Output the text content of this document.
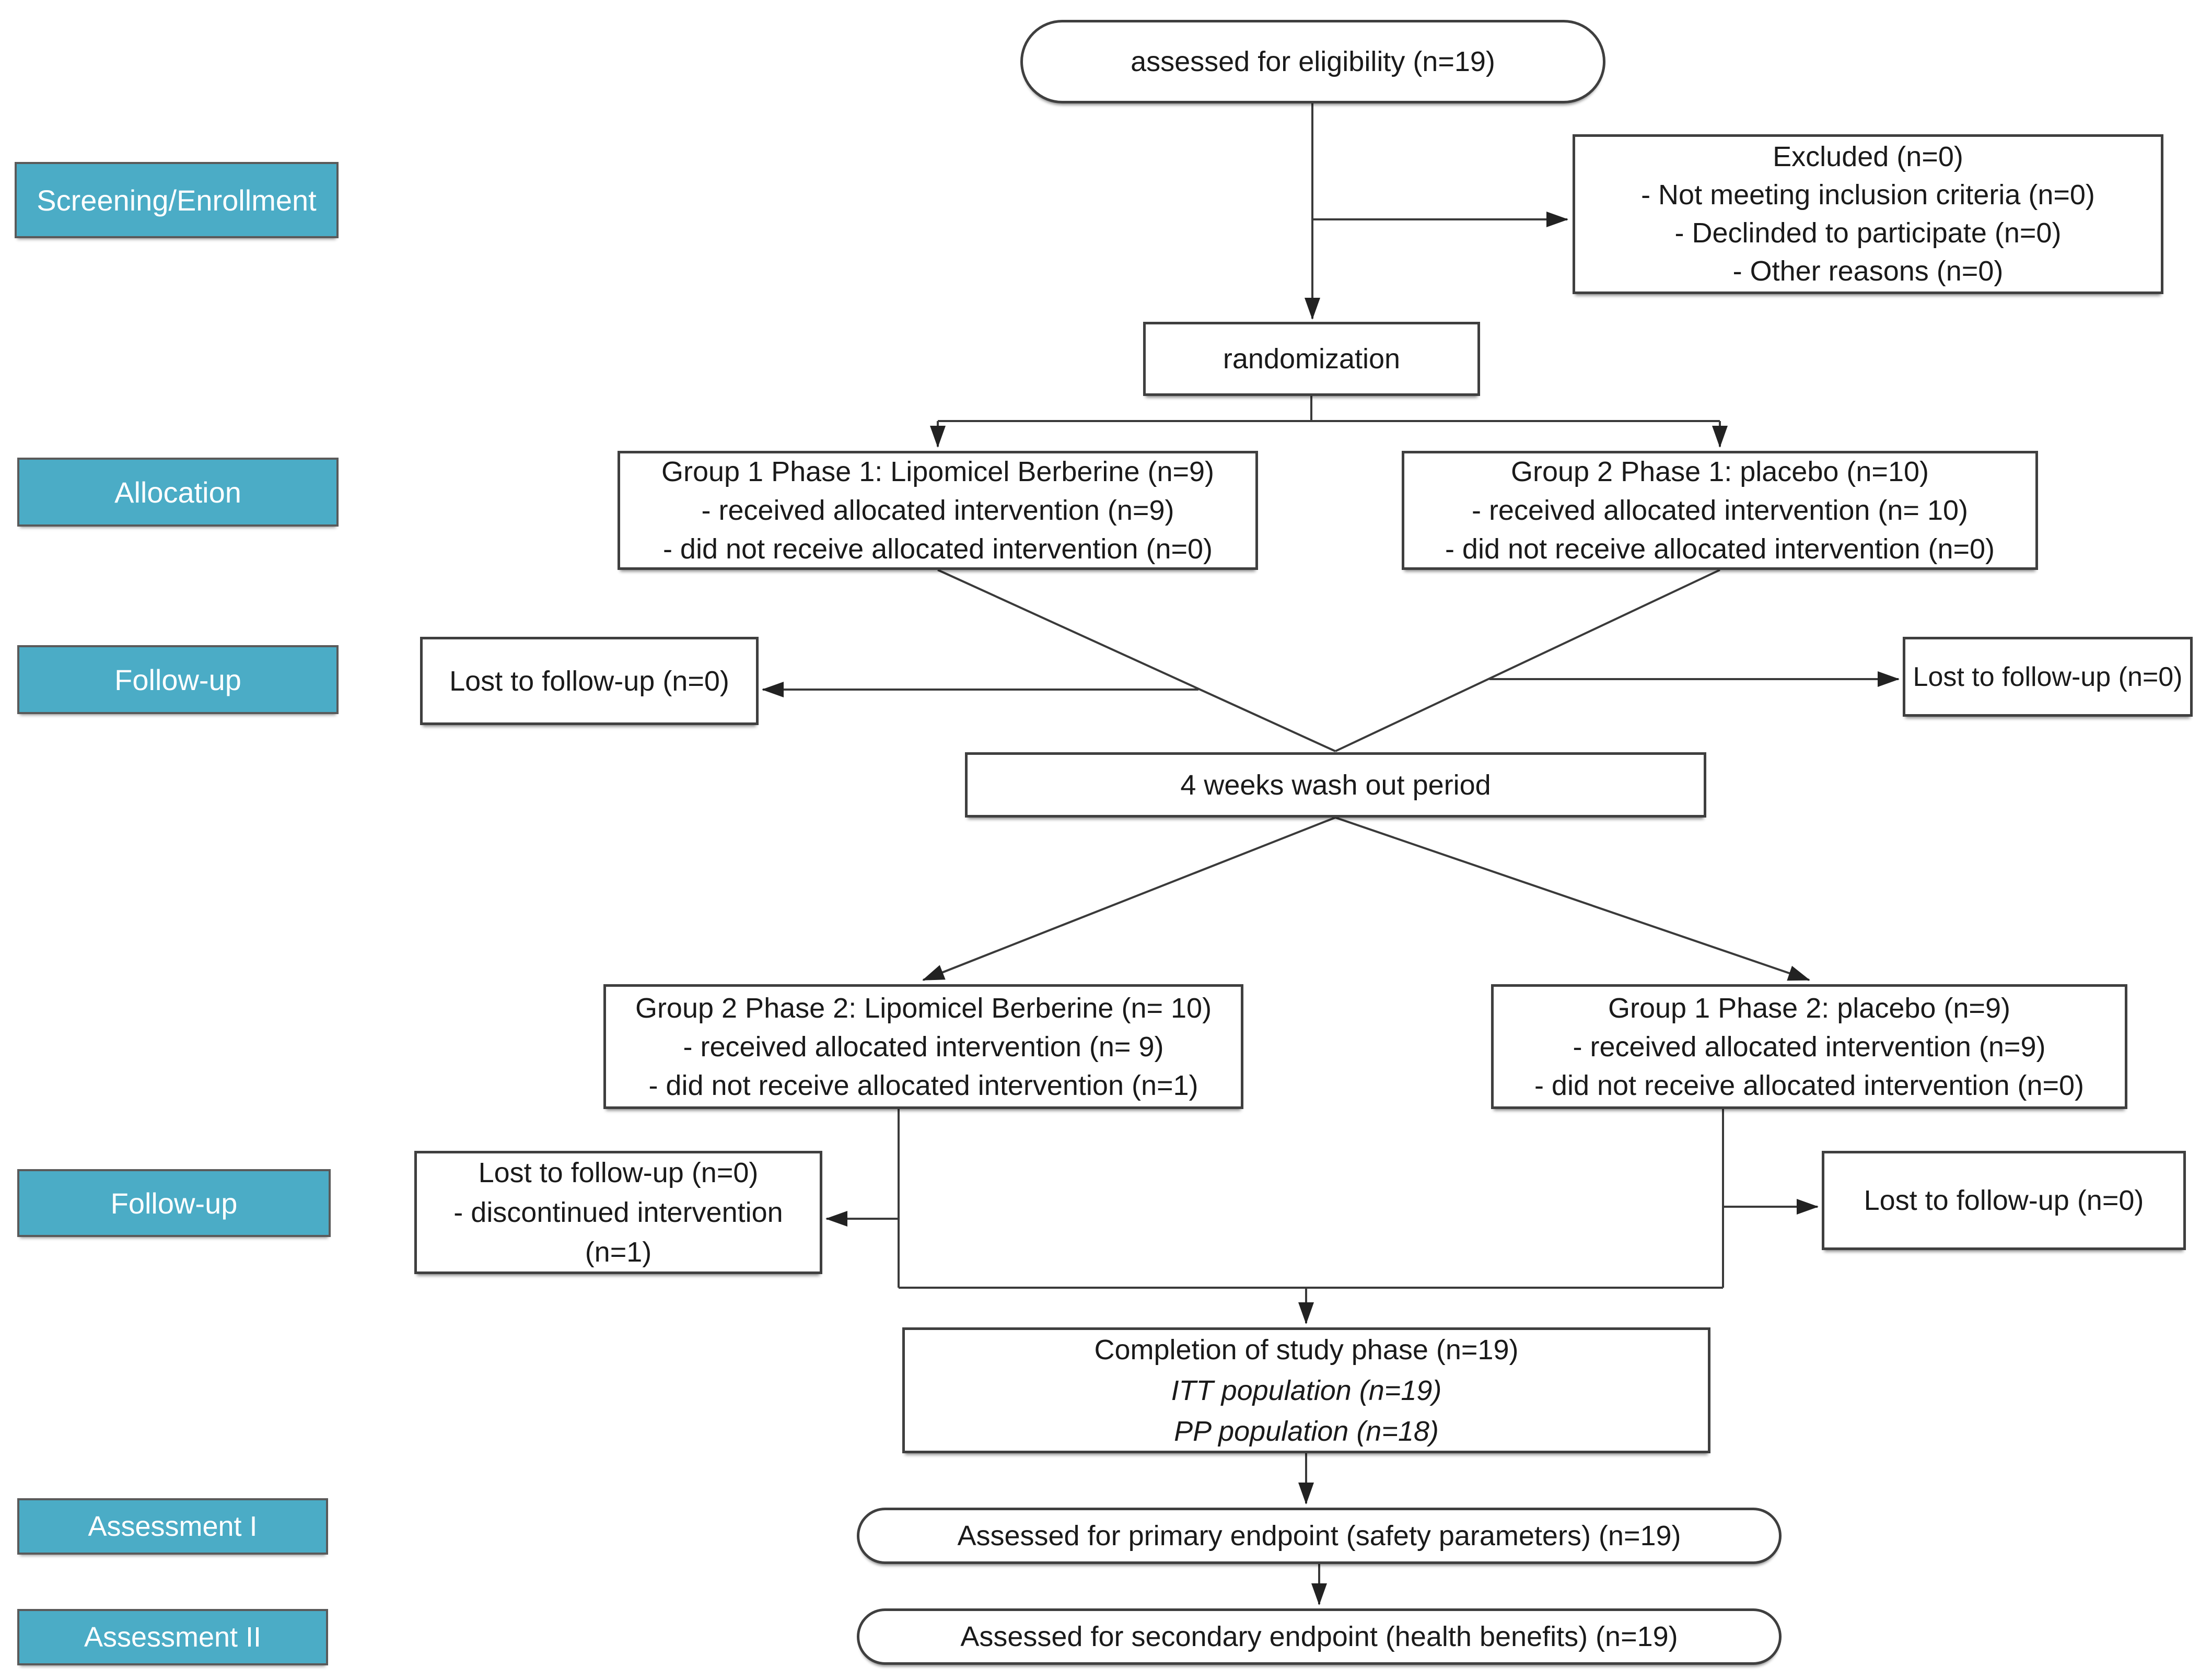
Screening/Enrollment
Allocation
Follow-up
Follow-up
Assessment I
Assessment II
assessed for eligibility (n=19)
Excluded (n=0)
- Not meeting inclusion criteria (n=0)
- Declinded to participate (n=0)
- Other reasons (n=0)
randomization
Group 1 Phase 1: Lipomicel Berberine (n=9)
- received allocated intervention (n=9)
- did not receive allocated intervention (n=0)
Group 2 Phase 1: placebo (n=10)
- received allocated intervention (n= 10)
- did not receive allocated intervention (n=0)
Lost to follow-up (n=0)	Lost to follow-up (n=0)
4 weeks wash out period
Group 2 Phase 2: Lipomicel Berberine (n= 10)
- received allocated intervention (n= 9)
- did not receive allocated intervention (n=1)
Group 1 Phase 2: placebo (n=9)
- received allocated intervention (n=9)
- did not receive allocated intervention (n=0)
Lost to follow-up (n=0)
- discontinued intervention
(n=1)
Lost to follow-up (n=0)
Completion of study phase (n=19)
ITT population (n=19)
PP population (n=18)
Assessed for primary endpoint (safety parameters) (n=19)
Assessed for secondary endpoint (health benefits) (n=19)
